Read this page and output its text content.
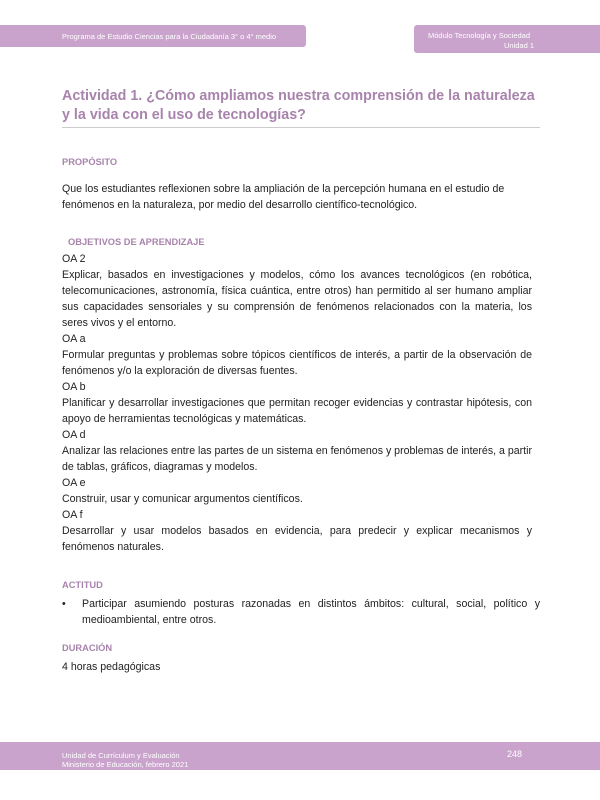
Programa de Estudio Ciencias para la Ciudadanía 3° o 4° medio	Módulo Tecnología y Sociedad
Unidad 1
Actividad 1. ¿Cómo ampliamos nuestra comprensión de la naturaleza y la vida con el uso de tecnologías?
PROPÓSITO
Que los estudiantes reflexionen sobre la ampliación de la percepción humana en el estudio de fenómenos en la naturaleza, por medio del desarrollo científico-tecnológico.
OBJETIVOS DE APRENDIZAJE
OA 2
Explicar, basados en investigaciones y modelos, cómo los avances tecnológicos (en robótica, telecomunicaciones, astronomía, física cuántica, entre otros) han permitido al ser humano ampliar sus capacidades sensoriales y su comprensión de fenómenos relacionados con la materia, los seres vivos y el entorno.
OA a
Formular preguntas y problemas sobre tópicos científicos de interés, a partir de la observación de fenómenos y/o la exploración de diversas fuentes.
OA b
Planificar y desarrollar investigaciones que permitan recoger evidencias y contrastar hipótesis, con apoyo de herramientas tecnológicas y matemáticas.
OA d
Analizar las relaciones entre las partes de un sistema en fenómenos y problemas de interés, a partir de tablas, gráficos, diagramas y modelos.
OA e
Construir, usar y comunicar argumentos científicos.
OA f
Desarrollar y usar modelos basados en evidencia, para predecir y explicar mecanismos y fenómenos naturales.
ACTITUD
• Participar asumiendo posturas razonadas en distintos ámbitos: cultural, social, político y medioambiental, entre otros.
DURACIÓN
4 horas pedagógicas
Unidad de Currículum y Evaluación
Ministerio de Educación, febrero 2021
248
